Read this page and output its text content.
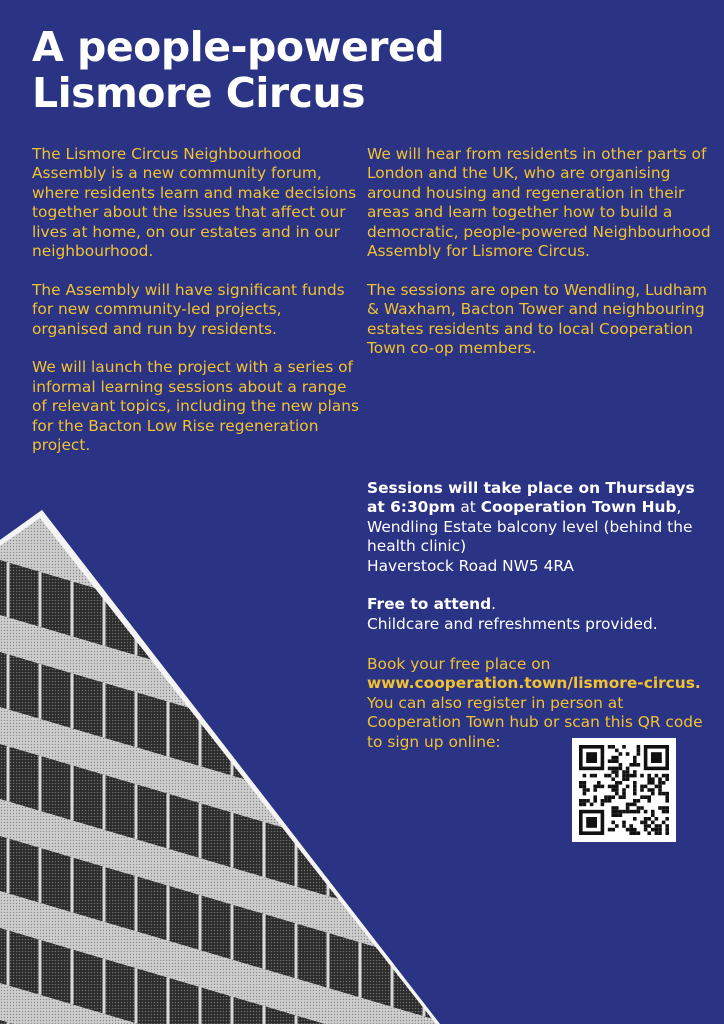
A people-powered
Lismore Circus

The Lismore Circus Neighbourhood Assembly is a new community forum, where residents learn and make decisions together about the issues that affect our lives at home, on our estates and in our neighbourhood.

The Assembly will have significant funds for new community-led projects, organised and run by residents.

We will launch the project with a series of informal learning sessions about a range of relevant topics, including the new plans for the Bacton Low Rise regeneration project.

We will hear from residents in other parts of London and the UK, who are organising around housing and regeneration in their areas and learn together how to build a democratic, people-powered Neighbourhood Assembly for Lismore Circus.

The sessions are open to Wendling, Ludham & Waxham, Bacton Tower and neighbouring estates residents and to local Cooperation Town co-op members.

Sessions will take place on Thursdays at 6:30pm at Cooperation Town Hub,
Wendling Estate balcony level (behind the health clinic)
Haverstock Road NW5 4RA

Free to attend.
Childcare and refreshments provided.

Book your free place on
www.cooperation.town/lismore-circus.
You can also register in person at Cooperation Town hub or scan this QR code to sign up online:
